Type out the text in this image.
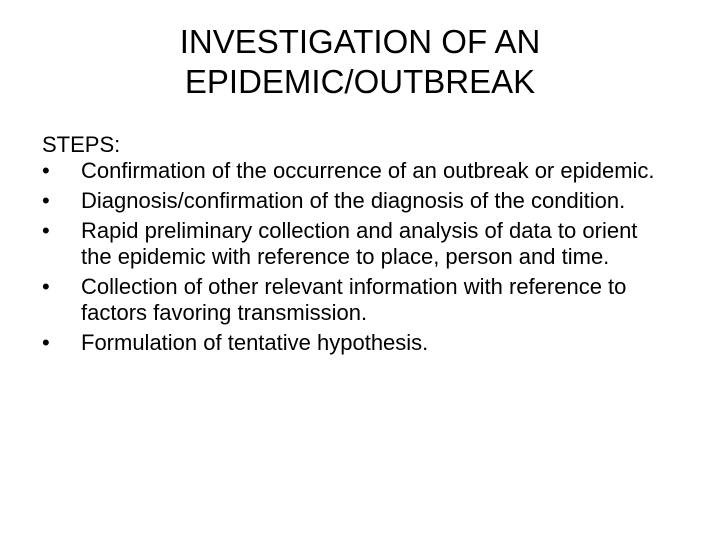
INVESTIGATION OF AN
EPIDEMIC/OUTBREAK
STEPS:
•	Confirmation of the occurrence of an outbreak or epidemic.
•	Diagnosis/confirmation of the diagnosis of the condition.
•	Rapid preliminary collection and analysis of data to orient the epidemic with reference to place, person and time.
•	Collection of other relevant information with reference to factors favoring transmission.
•	Formulation of tentative hypothesis.
